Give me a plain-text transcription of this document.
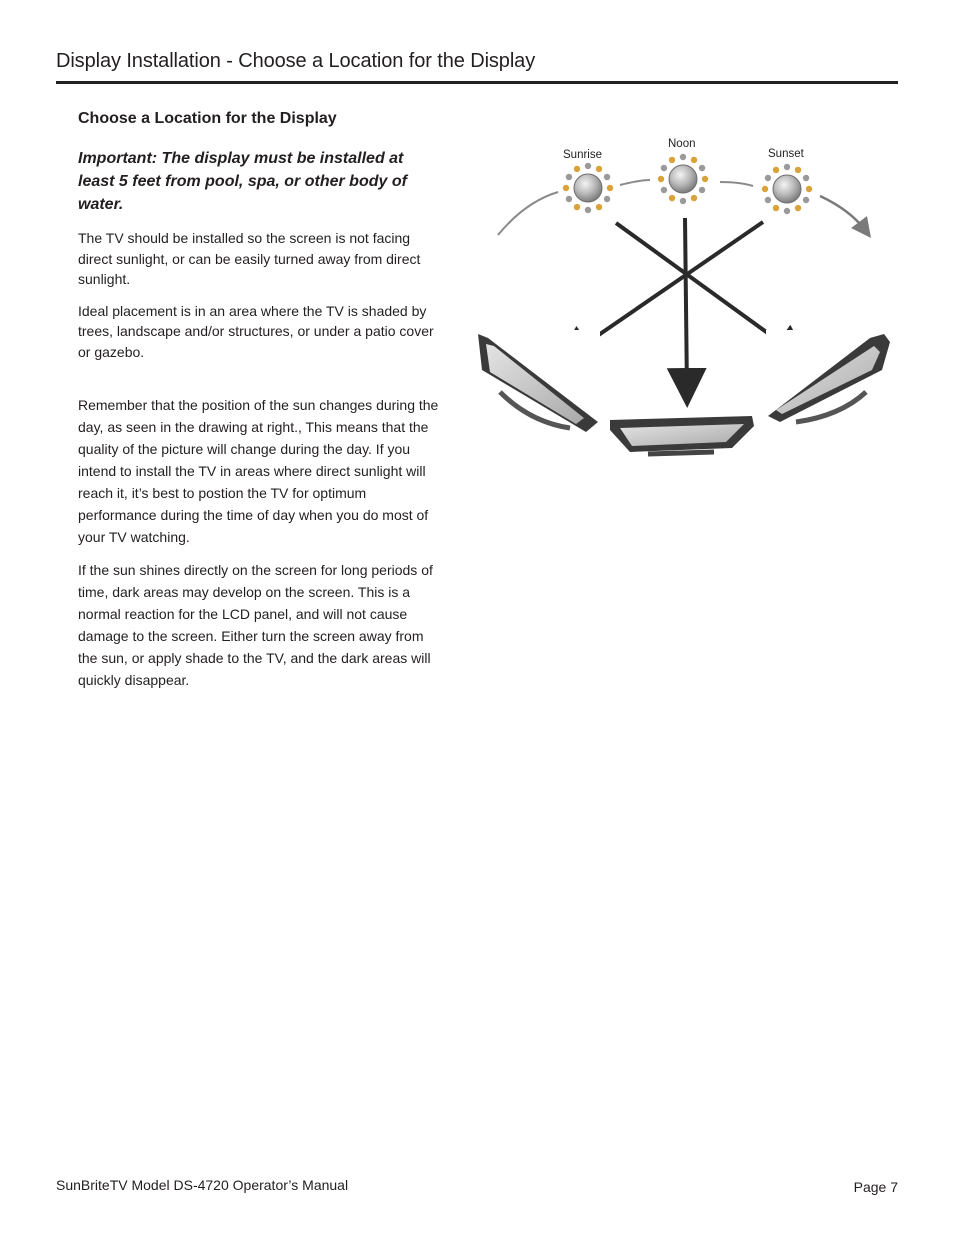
Display Installation - Choose a Location for the Display
Choose a Location for the Display
Important: The display must be installed at least 5 feet from pool, spa, or other body of water.

The TV should be installed so the screen is not facing direct sunlight, or can be easily turned away from direct sunlight.

Ideal placement is in an area where the TV is shaded by trees, landscape and/or structures, or under a patio cover or gazebo.

Remember that the position of the sun changes during the day, as seen in the drawing at right., This means that the quality of the picture will change during the day. If you intend to install the TV in areas where direct sunlight will reach it, it’s best to postion the TV for optimum performance during the time of day when you do most of your TV watching.

If the sun shines directly on the screen for long periods of time, dark areas may develop on the screen. This is a normal reaction for the LCD panel, and will not cause damage to the screen. Either turn the screen away from the sun, or apply shade to the TV, and the dark areas will quickly disappear.

Sunrise
Noon
Sunset
SunBriteTV Model DS-4720 Operator’s Manual	Page 7
